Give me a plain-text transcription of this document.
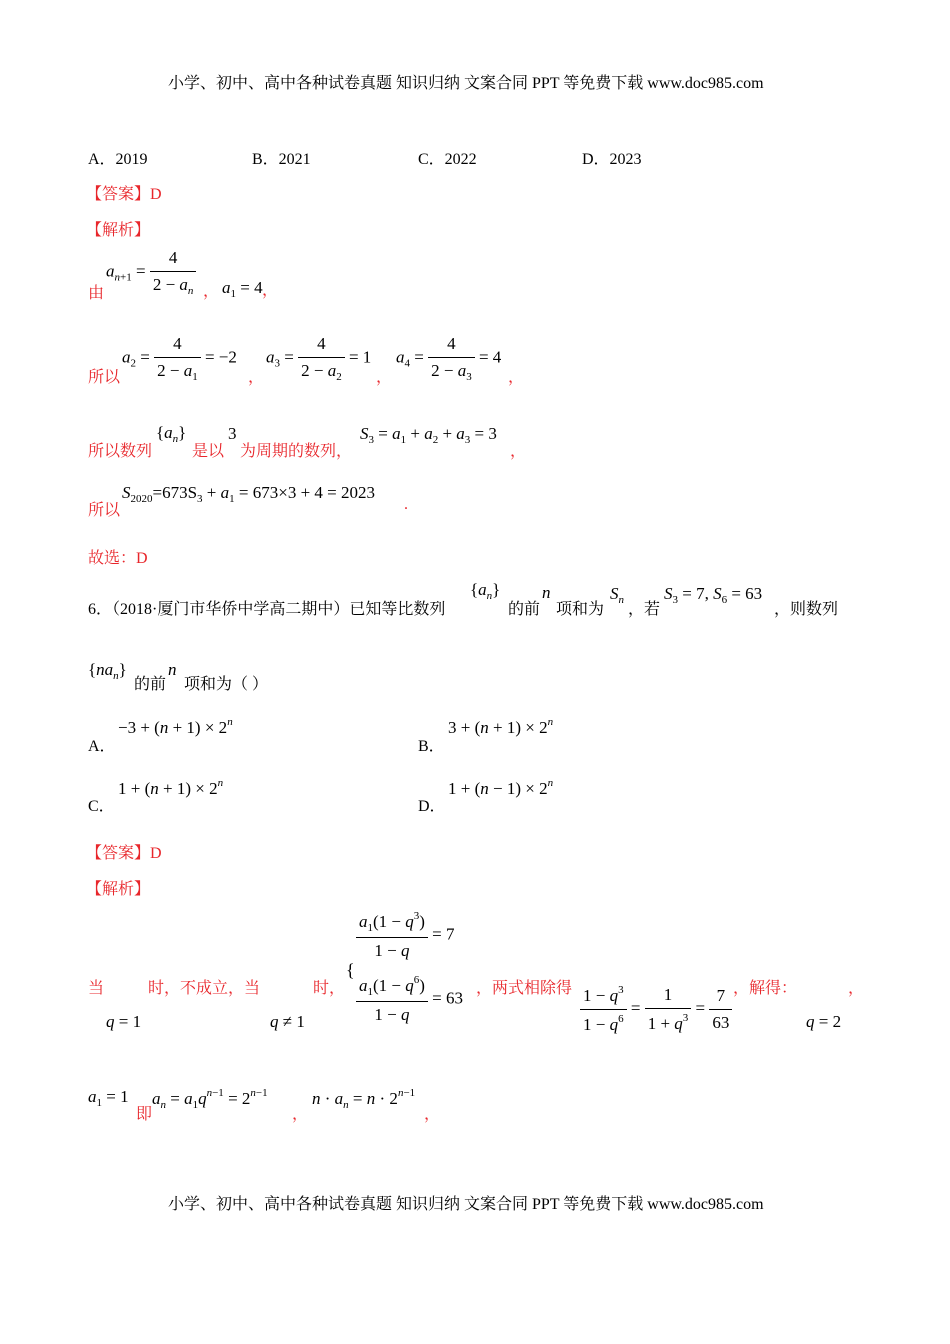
小学、初中、高中各种试卷真题 知识归纳 文案合同 PPT 等免费下载 www.doc985.com
A．2019	B．2021	C．2022	D．2023
【答案】D
【解析】
由
$a_{n+1} = \frac{4}{2 - a_n}$ ， $a_1 = 4$ ，
所以
$a_2 = \frac{4}{2 - a_1} = -2$
，
$a_3 = \frac{4}{2 - a_2} = 1$
，
$a_4 = \frac{4}{2 - a_3} = 4$
，
所以数列
$\{a_n\}$
是以
3
为周期的数列，
$S_3 = a_1 + a_2 + a_3 = 3$
，
所以
$S_{2020}=673S_3 + a_1 = 673\times 3 + 4 = 2023$
.
故选：D
6．（2018·厦门市华侨中学高二期中）已知等比数列
$\{a_n\}$
的前
n
项和为
$S_n$
，若
$S_3 = 7$, $S_6 = 63$
，则数列
$\{na_n\}$
的前
n
项和为（ ）
A．
$-3 + (n + 1) \times 2^n$
B．
$3 + (n + 1) \times 2^n$
C．
$1 + (n + 1) \times 2^n$
D．
$1 + (n - 1) \times 2^n$
【答案】D
【解析】
当
q = 1
时，不成立，当
q ≠ 1
时，
{
$\frac{a_1(1 - q^3)}{1 - q} = 7$
$\frac{a_1(1 - q^6)}{1 - q} = 63$ ，两式相除得 $\frac{1 - q^3}{1 - q^6} = \frac{1}{1 + q^3} = \frac{7}{63}$ ，解得：	，
q = 2
$a_1 = 1$
即
$a_n = a_1q^{n-1} = 2^{n-1}$
，
$n \cdot a_n = n \cdot 2^{n-1}$
，
小学、初中、高中各种试卷真题 知识归纳 文案合同 PPT 等免费下载 www.doc985.com
